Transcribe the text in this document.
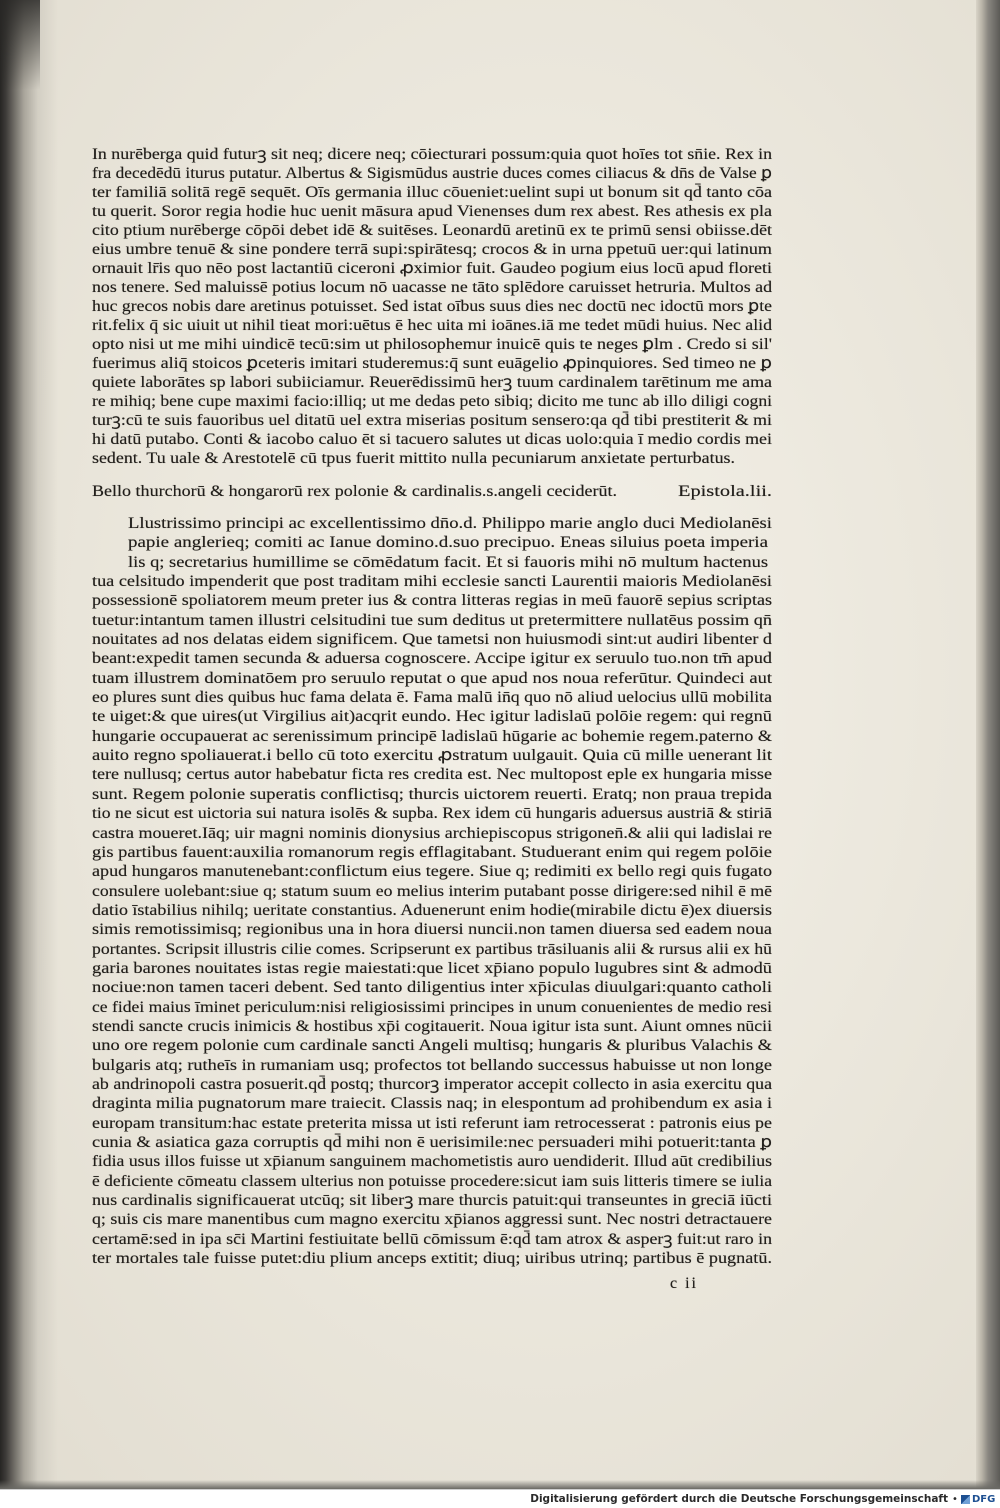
In nurēberga quid futurꝫ sit neq; dicere neq; cōiecturari possum:quia quot hoīes tot sn̄ie. Rex in
fra decedēdū iturus putatur. Albertus & Sigismūdus austrie duces comes ciliacus & dn̄s de Valse ꝑ
ter familiā solitā regē sequēt. Oīs germania illuc cōueniet:uelint supi ut bonum sit qd̄ tanto cōa
tu querit. Soror regia hodie huc uenit māsura apud Vienenses dum rex abest. Res athesis ex pla
cito ptium nurēberge cōpōi debet idē & suitēses. Leonardū aretinū ex te primū sensi obiisse.dēt
eius umbre tenuē & sine pondere terrā supi:spirātesq; crocos & in urna ppetuū uer:qui latinum
ornauit lr̄is quo nēo post lactantiū ciceroni ꝓximior fuit. Gaudeo pogium eius locū apud floreti
nos tenere. Sed maluissē potius locum nō uacasse ne tāto splēdore caruisset hetruria. Multos ad
huc grecos nobis dare aretinus potuisset. Sed istat oībus suus dies nec doctū nec idoctū mors ꝑte
rit.felix q̄ sic uiuit ut nihil tieat mori:uētus ē hec uita mi ioānes.iā me tedet mūdi huius. Nec alid
opto nisi ut me mihi uindicē tecū:sim ut philosophemur inuicē quis te neges ꝑlm . Credo si sil'
fuerimus aliq̄ stoicos ꝑceteris imitari studeremus:q̄ sunt euāgelio ꝓpinquiores. Sed timeo ne ꝑ
quiete laborātes sp labori subiiciamur. Reuerēdissimū herꝫ tuum cardinalem tarētinum me ama
re mihiq; bene cupe maximi facio:illiq; ut me dedas peto sibiq; dicito me tunc ab illo diligi cogni
turꝫ:cū te suis fauoribus uel ditatū uel extra miserias positum sensero:qa qd̄ tibi prestiterit & mi
hi datū putabo. Conti & iacobo caluo ēt si tacuero salutes ut dicas uolo:quia ī medio cordis mei
sedent. Tu uale & Arestotelē cū tpus fuerit mittito nulla pecuniarum anxietate perturbatus.
Bello thurchorū & hongarorū rex polonie & cardinalis.s.angeli ceciderūt.	Epistola.lii.
Llustrissimo principi ac excellentissimo dn̄o.d. Philippo marie anglo duci Mediolanēsi
papie anglerieq; comiti ac Ianue domino.d.suo precipuo. Eneas siluius poeta imperia
lis q; secretarius humillime se cōmēdatum facit. Et si fauoris mihi nō multum hactenus
tua celsitudo impenderit que post traditam mihi ecclesie sancti Laurentii maioris Mediolanēsi
possessionē spoliatorem meum preter ius & contra litteras regias in meū fauorē sepius scriptas
tuetur:intantum tamen illustri celsitudini tue sum deditus ut pretermittere nullatēus possim qn̄
nouitates ad nos delatas eidem significem. Que tametsi non huiusmodi sint:ut audiri libenter d
beant:expedit tamen secunda & aduersa cognoscere. Accipe igitur ex seruulo tuo.non tm̄ apud
tuam illustrem dominatōem pro seruulo reputat o que apud nos noua referūtur. Quindeci aut
eo plures sunt dies quibus huc fama delata ē. Fama malū in̄q quo nō aliud uelocius ullū mobilita
te uiget:& que uires(ut Virgilius ait)acqrit eundo. Hec igitur ladislaū polōie regem: qui regnū
hungarie occupauerat ac serenissimum principē ladislaū hūgarie ac bohemie regem.paterno &
auito regno spoliauerat.i bello cū toto exercitu ꝓstratum uulgauit. Quia cū mille uenerant lit
tere nullusq; certus autor habebatur ficta res credita est. Nec multopost eple ex hungaria misse
sunt. Regem polonie superatis conflictisq; thurcis uictorem reuerti. Eratq; non praua trepida
tio ne sicut est uictoria sui natura isolēs & supba. Rex idem cū hungaris aduersus austriā & stiriā
castra moueret.Iāq; uir magni nominis dionysius archiepiscopus strigonen̄.& alii qui ladislai re
gis partibus fauent:auxilia romanorum regis efflagitabant. Studuerant enim qui regem polōie
apud hungaros manutenebant:conflictum eius tegere. Siue q; redimiti ex bello regi quis fugato
consulere uolebant:siue q; statum suum eo melius interim putabant posse dirigere:sed nihil ē mē
datio īstabilius nihilq; ueritate constantius. Aduenerunt enim hodie(mirabile dictu ē)ex diuersis
simis remotissimisq; regionibus una in hora diuersi nuncii.non tamen diuersa sed eadem noua
portantes. Scripsit illustris cilie comes. Scripserunt ex partibus trāsiluanis alii & rursus alii ex hū
garia barones nouitates istas regie maiestati:que licet xp̄iano populo lugubres sint & admodū
nociue:non tamen taceri debent. Sed tanto diligentius inter xp̄iculas diuulgari:quanto catholi
ce fidei maius īminet periculum:nisi religiosissimi principes in unum conuenientes de medio resi
stendi sancte crucis inimicis & hostibus xp̄i cogitauerit. Noua igitur ista sunt. Aiunt omnes nūcii
uno ore regem polonie cum cardinale sancti Angeli multisq; hungaris & pluribus Valachis &
bulgaris atq; rutheīs in rumaniam usq; profectos tot bellando successus habuisse ut non longe
ab andrinopoli castra posuerit.qd̄ postq; thurcorꝫ imperator accepit collecto in asia exercitu qua
draginta milia pugnatorum mare traiecit. Classis naq; in elespontum ad prohibendum ex asia i
europam transitum:hac estate preterita missa ut isti referunt iam retrocesserat : patronis eius pe
cunia & asiatica gaza corruptis qd̄ mihi non ē uerisimile:nec persuaderi mihi potuerit:tanta ꝑ
fidia usus illos fuisse ut xp̄ianum sanguinem machometistis auro uendiderit. Illud aūt credibilius
ē deficiente cōmeatu classem ulterius non potuisse procedere:sicut iam suis litteris timere se iulia
nus cardinalis significauerat utcūq; sit liberꝫ mare thurcis patuit:qui transeuntes in greciā iūcti
q; suis cis mare manentibus cum magno exercitu xp̄ianos aggressi sunt. Nec nostri detractauere
certamē:sed in ipa sc̄i Martini festiuitate bellū cōmissum ē:qd̄ tam atrox & asperꝫ fuit:ut raro in
ter mortales tale fuisse putet:diu plium anceps extitit; diuq; uiribus utrinq; partibus ē pugnatū.
c ii
Digitalisierung gefördert durch die Deutsche Forschungsgemeinschaft • DFG
